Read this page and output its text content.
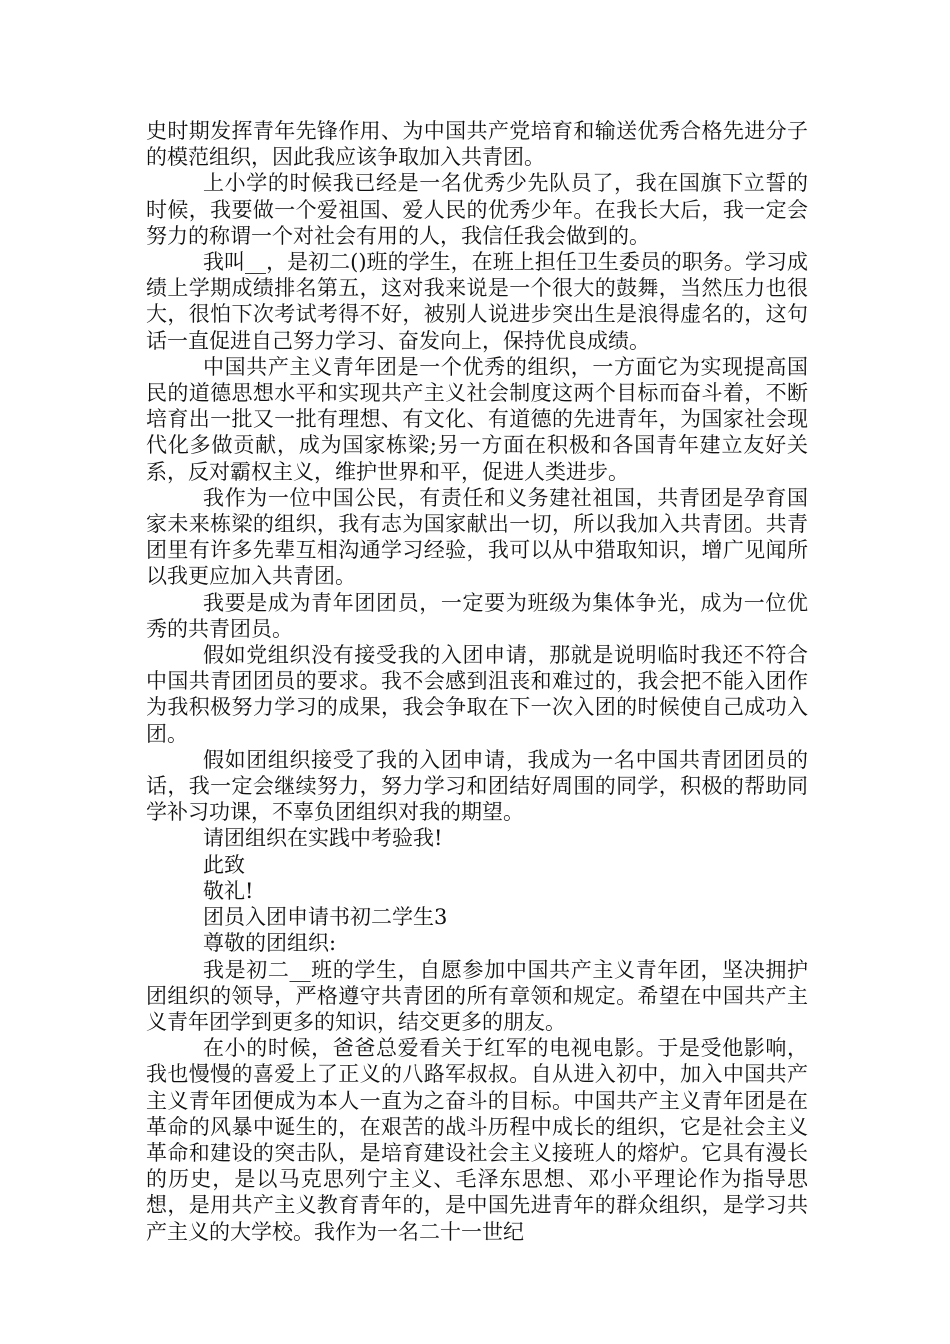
史时期发挥青年先锋作用、为中国共产党培育和输送优秀合格先进分子的模范组织，因此我应该争取加入共青团。

上小学的时候我已经是一名优秀少先队员了，我在国旗下立誓的时候，我要做一个爱祖国、爱人民的优秀少年。在我长大后，我一定会努力的称谓一个对社会有用的人，我信任我会做到的。

我叫__，是初二()班的学生，在班上担任卫生委员的职务。学习成绩上学期成绩排名第五，这对我来说是一个很大的鼓舞，当然压力也很大，很怕下次考试考得不好，被别人说进步突出生是浪得虚名的，这句话一直促进自己努力学习、奋发向上，保持优良成绩。

中国共产主义青年团是一个优秀的组织，一方面它为实现提高国民的道德思想水平和实现共产主义社会制度这两个目标而奋斗着，不断培育出一批又一批有理想、有文化、有道德的先进青年，为国家社会现代化多做贡献，成为国家栋梁;另一方面在积极和各国青年建立友好关系，反对霸权主义，维护世界和平，促进人类进步。

我作为一位中国公民，有责任和义务建社祖国，共青团是孕育国家未来栋梁的组织，我有志为国家献出一切，所以我加入共青团。共青团里有许多先辈互相沟通学习经验，我可以从中猎取知识，增广见闻所以我更应加入共青团。

我要是成为青年团团员，一定要为班级为集体争光，成为一位优秀的共青团员。

假如党组织没有接受我的入团申请，那就是说明临时我还不符合中国共青团团员的要求。我不会感到沮丧和难过的，我会把不能入团作为我积极努力学习的成果，我会争取在下一次入团的时候使自己成功入团。

假如团组织接受了我的入团申请，我成为一名中国共青团团员的话，我一定会继续努力，努力学习和团结好周围的同学，积极的帮助同学补习功课，不辜负团组织对我的期望。

请团组织在实践中考验我!

此致

敬礼!

团员入团申请书初二学生3

尊敬的团组织:

我是初二__班的学生，自愿参加中国共产主义青年团，坚决拥护团组织的领导，严格遵守共青团的所有章领和规定。希望在中国共产主义青年团学到更多的知识，结交更多的朋友。

在小的时候，爸爸总爱看关于红军的电视电影。于是受他影响，我也慢慢的喜爱上了正义的八路军叔叔。自从进入初中，加入中国共产主义青年团便成为本人一直为之奋斗的目标。中国共产主义青年团是在革命的风暴中诞生的，在艰苦的战斗历程中成长的组织，它是社会主义革命和建设的突击队，是培育建设社会主义接班人的熔炉。它具有漫长的历史，是以马克思列宁主义、毛泽东思想、邓小平理论作为指导思想，是用共产主义教育青年的，是中国先进青年的群众组织，是学习共产主义的大学校。我作为一名二十一世纪
